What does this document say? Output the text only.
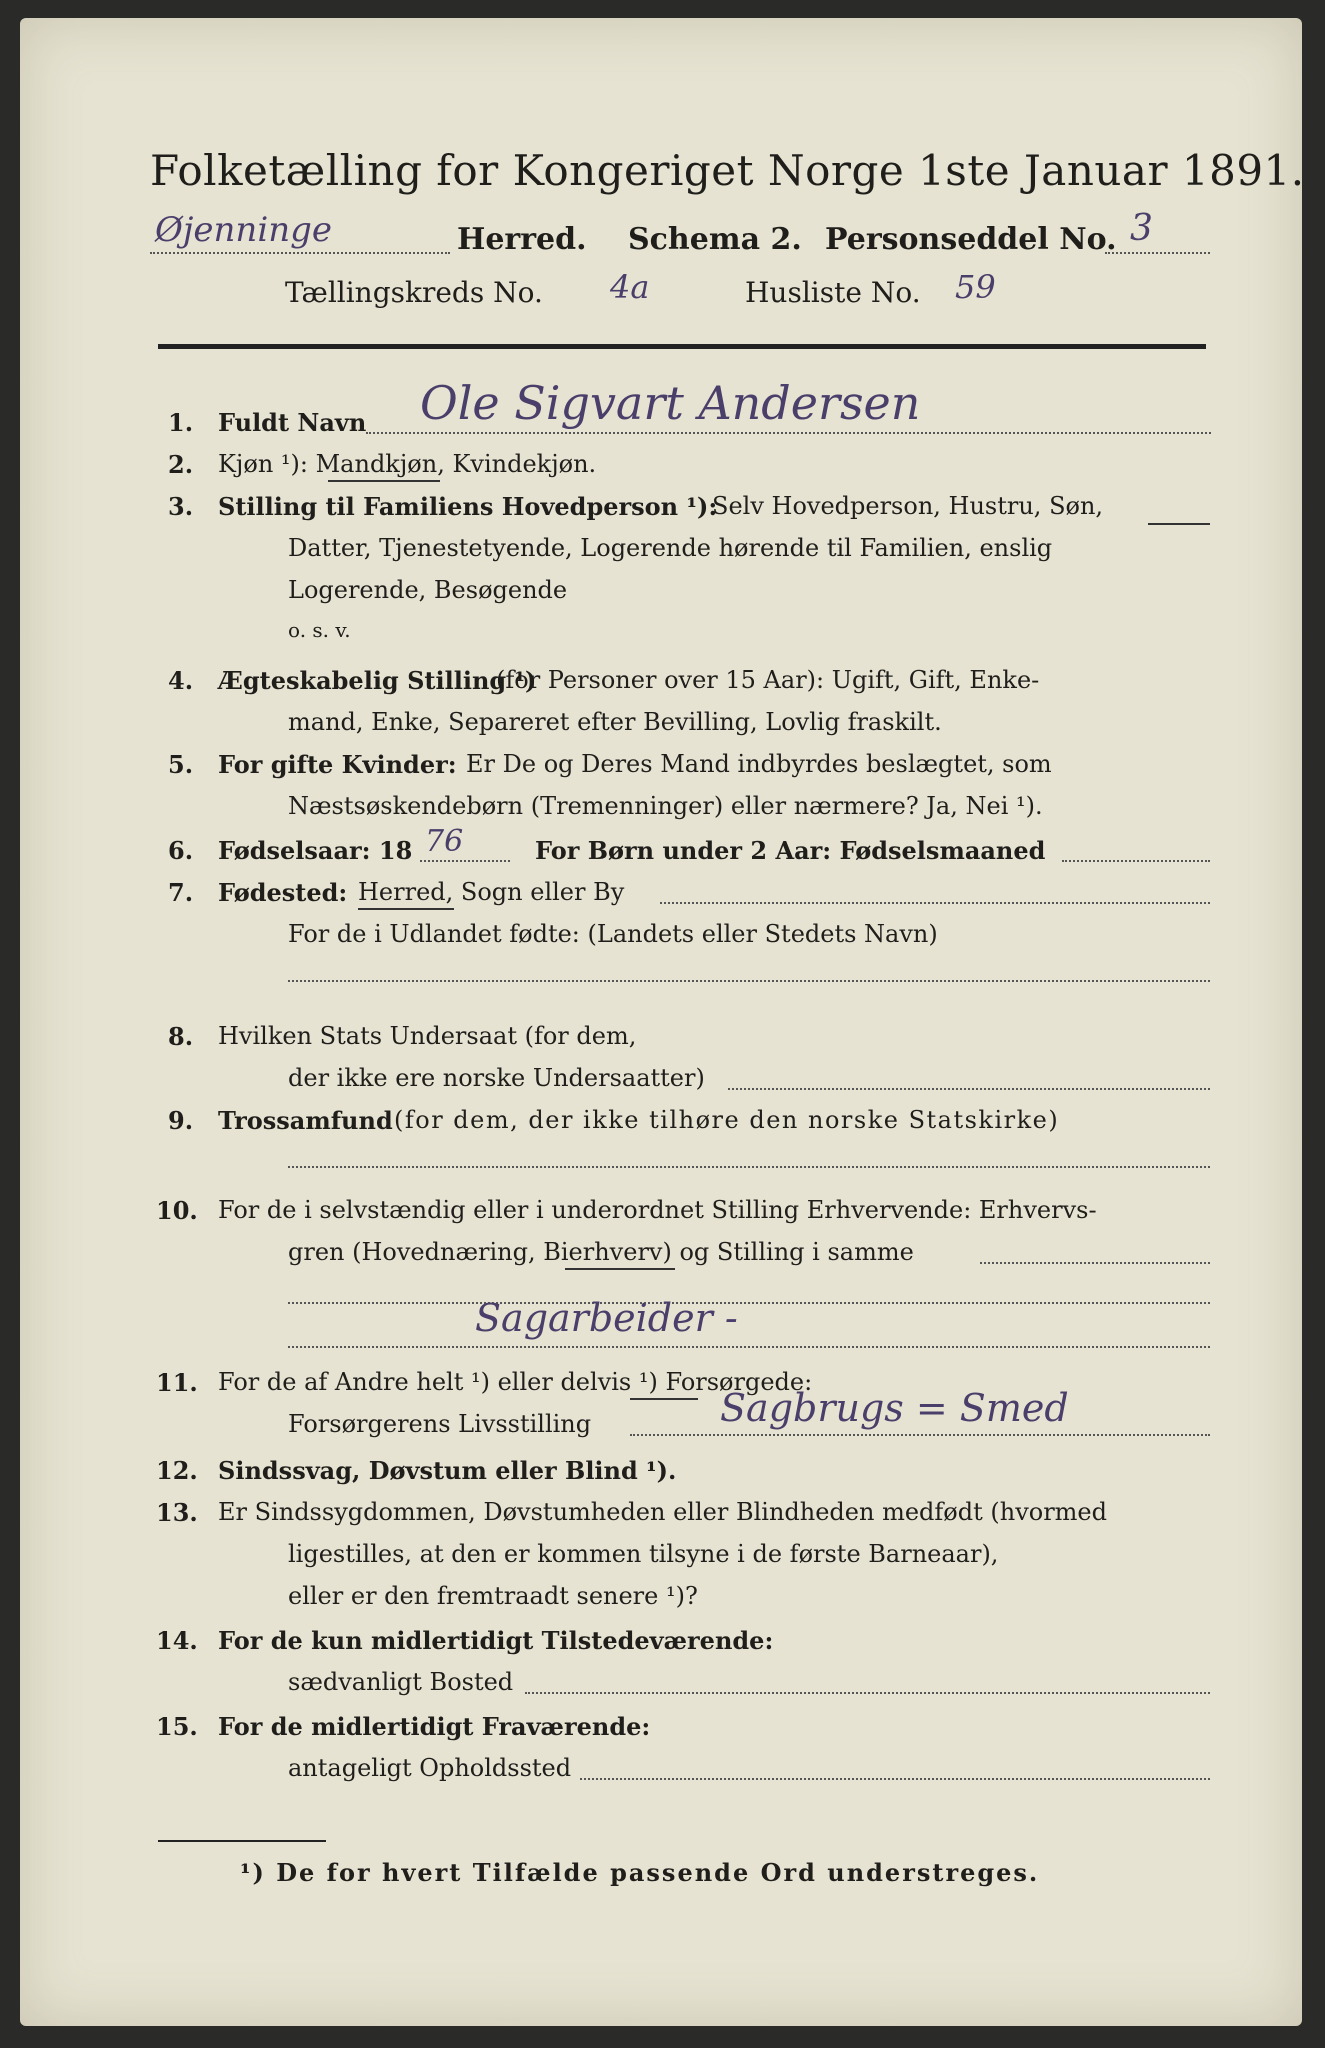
Folketælling for Kongeriget Norge 1ste Januar 1891.
Øjenninge	Herred. Schema 2. Personseddel No. 3
Tællingskreds No. 4a	Husliste No. 59
1. Fuldt Navn Ole Sigvart Andersen
2. Kjøn ¹): Mandkjøn, Kvindekjøn.
3. Stilling til Familiens Hovedperson ¹):
Selv Hovedperson, Hustru, Søn,
Datter, Tjenestetyende, Logerende hørende til Familien, enslig
Logerende, Besøgende
o. s. v.
4. Ægteskabelig Stilling ¹)
(for Personer over 15 Aar): Ugift, Gift, Enke-
mand, Enke, Separeret efter Bevilling, Lovlig fraskilt.
5. For gifte Kvinder: Er De og Deres Mand indbyrdes beslægtet, som
Næstsøskendebørn (Tremenninger) eller nærmere? Ja, Nei ¹).
6. Fødselsaar: 18 76	For Børn under 2 Aar: Fødselsmaaned
7. Fødested: Herred, Sogn eller By
For de i Udlandet fødte: (Landets eller Stedets Navn)
8. Hvilken Stats Undersaat (for dem,
der ikke ere norske Undersaatter)
9. Trossamfund (for dem, der ikke tilhøre den norske Statskirke)
10. For de i selvstændig eller i underordnet Stilling Erhvervende: Erhvervs-
gren (Hovednæring, Bierhverv) og Stilling i samme
Sagarbeider -
11. For de af Andre helt ¹) eller delvis ¹) Forsørgede:
Forsørgerens Livsstilling	Sagbrugs = Smed
12. Sindssvag, Døvstum eller Blind ¹).
13. Er Sindssygdommen, Døvstumheden eller Blindheden medfødt (hvormed
ligestilles, at den er kommen tilsyne i de første Barneaar),
eller er den fremtraadt senere ¹)?
14. For de kun midlertidigt Tilstedeværende:
sædvanligt Bosted
15. For de midlertidigt Fraværende:
antageligt Opholdssted
¹) De for hvert Tilfælde passende Ord understreges.
